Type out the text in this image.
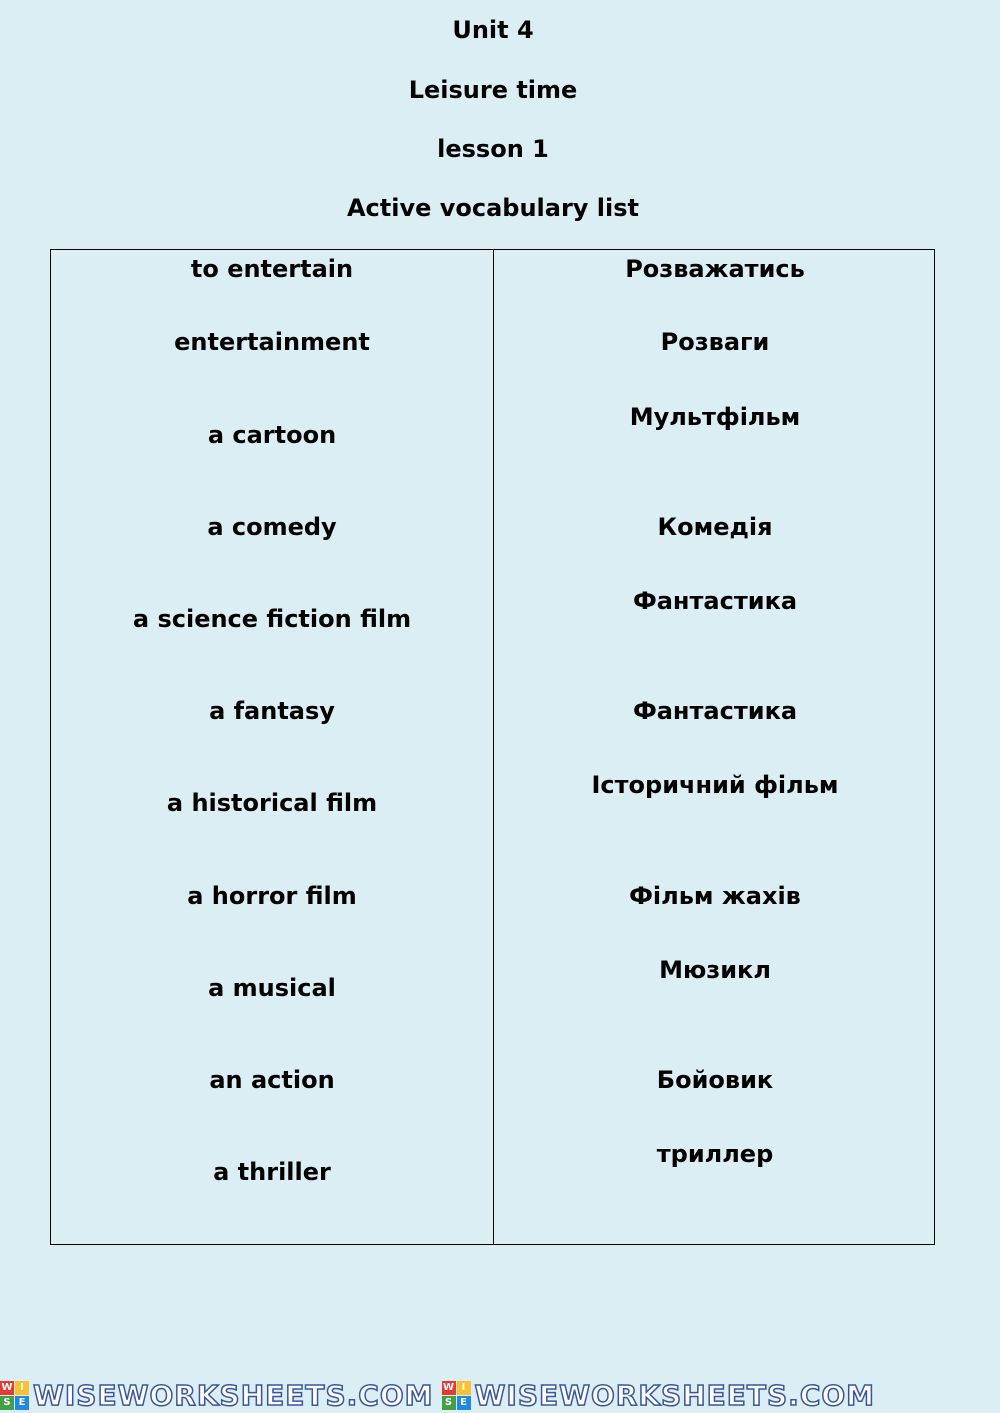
Unit 4
Leisure time
lesson 1
Active vocabulary list
to entertain
entertainment
a cartoon
a comedy
a science fiction film
a fantasy
a historical film
a horror film
a musical
an action
a thriller
Розважатись
Розваги
Мультфільм
Комедія
Фантастика
Фантастика
Історичний фільм
Фільм жахів
Мюзикл
Бойовик
триллер
W I
S E WISEWORKSHEETS.COM W I
S E WISEWORKSHEETS.COM
